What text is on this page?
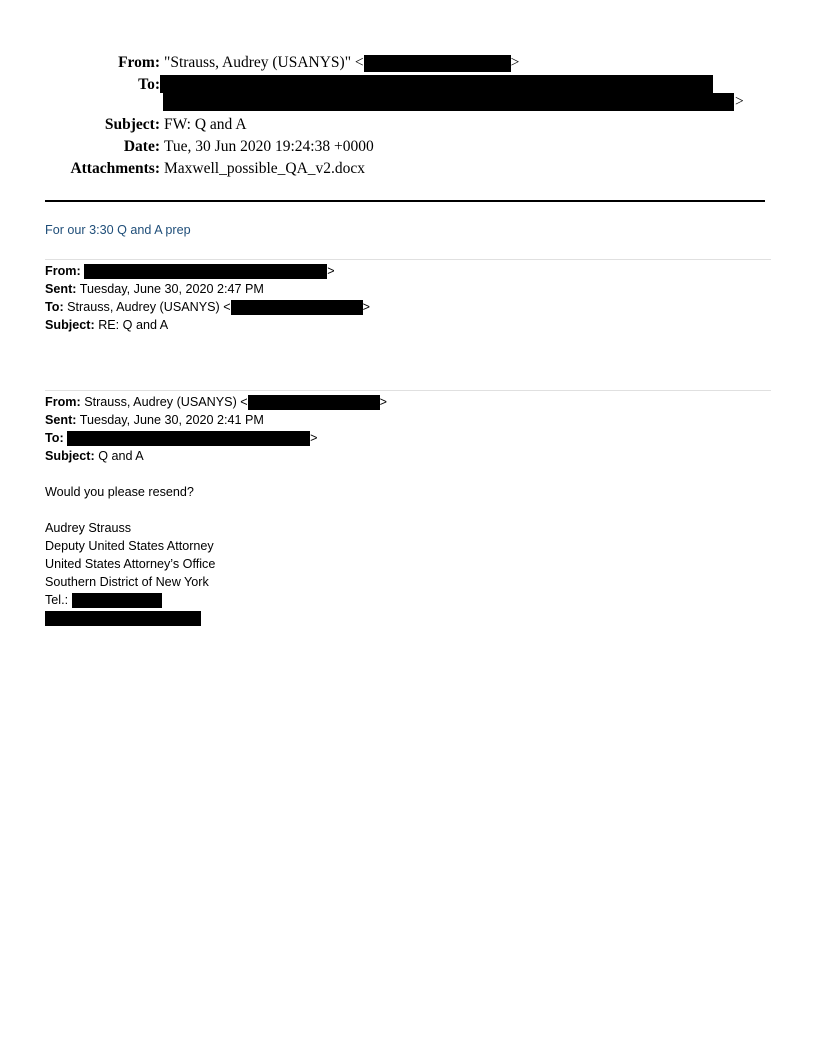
From: "Strauss, Audrey (USANYS)" <	>
To:
>
Subject: FW: Q and A
Date: Tue, 30 Jun 2020 19:24:38 +0000
Attachments: Maxwell_possible_QA_v2.docx
For our 3:30 Q and A prep
From:	>
Sent: Tuesday, June 30, 2020 2:47 PM
To: Strauss, Audrey (USANYS) <	>
Subject: RE: Q and A
From: Strauss, Audrey (USANYS) <	>
Sent: Tuesday, June 30, 2020 2:41 PM
To:	>
Subject: Q and A
Would you please resend?
Audrey Strauss
Deputy United States Attorney
United States Attorney’s Office
Southern District of New York
Tel.:
